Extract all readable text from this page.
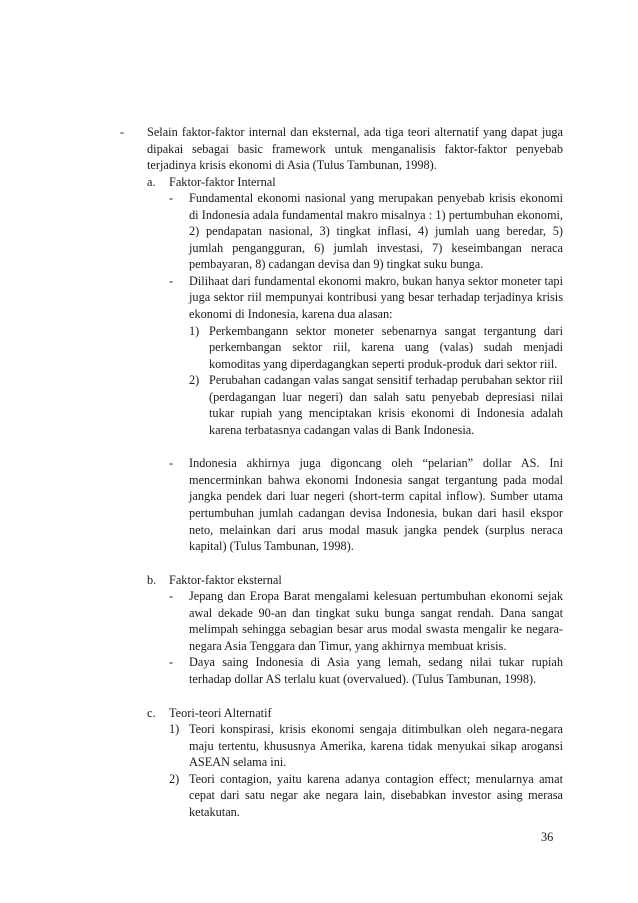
- Selain faktor-faktor internal dan eksternal, ada tiga teori alternatif yang dapat juga dipakai sebagai basic framework untuk menganalisis faktor-faktor penyebab terjadinya krisis ekonomi di Asia (Tulus Tambunan, 1998).
a. Faktor-faktor Internal
- Fundamental ekonomi nasional yang merupakan penyebab krisis ekonomi di Indonesia adala fundamental makro misalnya : 1) pertumbuhan ekonomi, 2) pendapatan nasional, 3) tingkat inflasi, 4) jumlah uang beredar, 5) jumlah pengangguran, 6) jumlah investasi, 7) keseimbangan neraca pembayaran, 8) cadangan devisa dan 9) tingkat suku bunga.
- Dilihaat dari fundamental ekonomi makro, bukan hanya sektor moneter tapi juga sektor riil mempunyai kontribusi yang besar terhadap terjadinya krisis ekonomi di Indonesia, karena dua alasan:
1) Perkembangann sektor moneter sebenarnya sangat tergantung dari perkembangan sektor riil, karena uang (valas) sudah menjadi komoditas yang diperdagangkan seperti produk-produk dari sektor riil.
2) Perubahan cadangan valas sangat sensitif terhadap perubahan sektor riil (perdagangan luar negeri) dan salah satu penyebab depresiasi nilai tukar rupiah yang menciptakan krisis ekonomi di Indonesia adalah karena terbatasnya cadangan valas di Bank Indonesia.
- Indonesia akhirnya juga digoncang oleh “pelarian” dollar AS. Ini mencerminkan bahwa ekonomi Indonesia sangat tergantung pada modal jangka pendek dari luar negeri (short-term capital inflow). Sumber utama pertumbuhan jumlah cadangan devisa Indonesia, bukan dari hasil ekspor neto, melainkan dari arus modal masuk jangka pendek (surplus neraca kapital) (Tulus Tambunan, 1998).
b. Faktor-faktor eksternal
- Jepang dan Eropa Barat mengalami kelesuan pertumbuhan ekonomi sejak awal dekade 90-an dan tingkat suku bunga sangat rendah. Dana sangat melimpah sehingga sebagian besar arus modal swasta mengalir ke negara-negara Asia Tenggara dan Timur, yang akhirnya membuat krisis.
- Daya saing Indonesia di Asia yang lemah, sedang nilai tukar rupiah terhadap dollar AS terlalu kuat (overvalued). (Tulus Tambunan, 1998).
c. Teori-teori Alternatif
1) Teori konspirasi, krisis ekonomi sengaja ditimbulkan oleh negara-negara maju tertentu, khususnya Amerika, karena tidak menyukai sikap arogansi ASEAN selama ini.
2) Teori contagion, yaitu karena adanya contagion effect; menularnya amat cepat dari satu negar ake negara lain, disebabkan investor asing merasa ketakutan.
36
